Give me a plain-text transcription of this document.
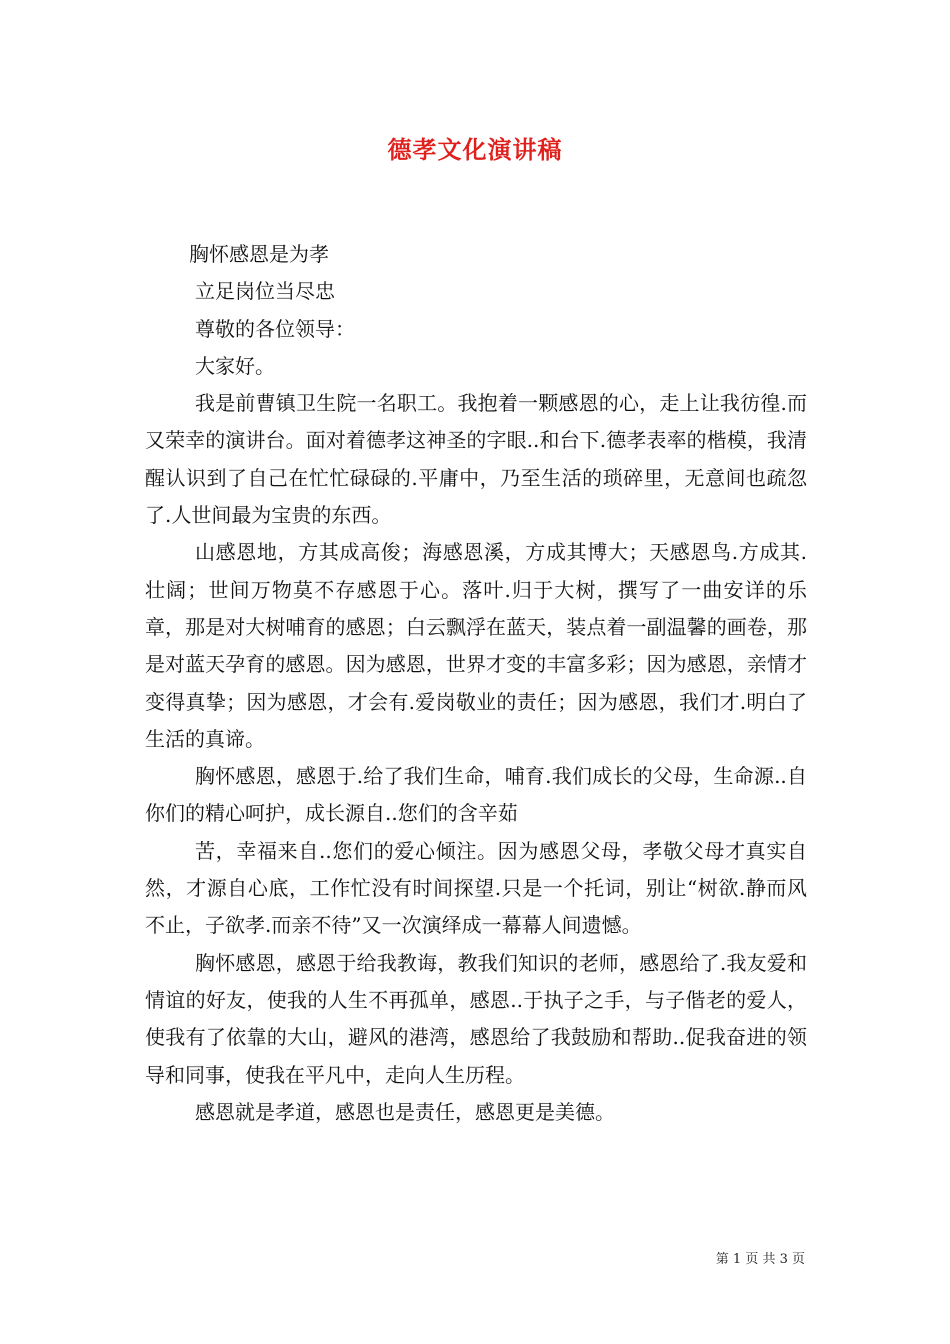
德孝文化演讲稿

胸怀感恩是为孝

立足岗位当尽忠

尊敬的各位领导：

大家好。

我是前曹镇卫生院一名职工。我抱着一颗感恩的心，走上让我彷徨.而又荣幸的演讲台。面对着德孝这神圣的字眼..和台下.德孝表率的楷模，我清醒认识到了自己在忙忙碌碌的.平庸中，乃至生活的琐碎里，无意间也疏忽了.人世间最为宝贵的东西。

山感恩地，方其成高俊；海感恩溪，方成其博大；天感恩鸟.方成其.壮阔；世间万物莫不存感恩于心。落叶.归于大树，撰写了一曲安详的乐章，那是对大树哺育的感恩；白云飘浮在蓝天，装点着一副温馨的画卷，那是对蓝天孕育的感恩。因为感恩，世界才变的丰富多彩；因为感恩，亲情才变得真挚；因为感恩，才会有.爱岗敬业的责任；因为感恩，我们才.明白了生活的真谛。

胸怀感恩，感恩于.给了我们生命，哺育.我们成长的父母，生命源..自你们的精心呵护，成长源自..您们的含辛茹

苦，幸福来自..您们的爱心倾注。因为感恩父母，孝敬父母才真实自然，才源自心底，工作忙没有时间探望.只是一个托词，别让“树欲.静而风不止，子欲孝.而亲不待”又一次演绎成一幕幕人间遗憾。

胸怀感恩，感恩于给我教诲，教我们知识的老师，感恩给了.我友爱和情谊的好友，使我的人生不再孤单，感恩..于执子之手，与子偕老的爱人，使我有了依靠的大山，避风的港湾，感恩给了我鼓励和帮助..促我奋进的领导和同事，使我在平凡中，走向人生历程。

感恩就是孝道，感恩也是责任，感恩更是美德。

第 1 页 共 3 页
